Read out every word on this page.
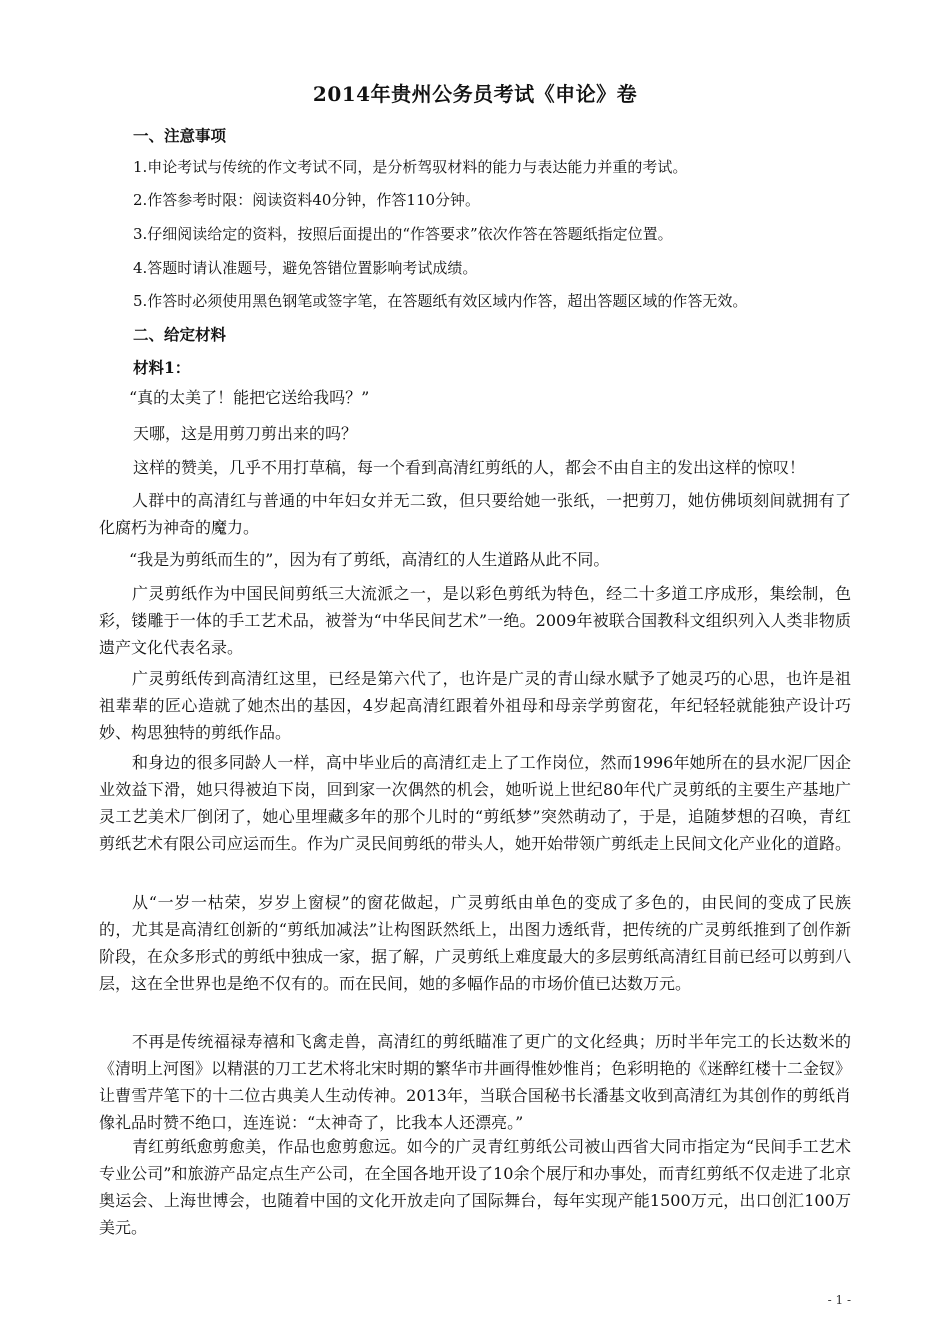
2014年贵州公务员考试《申论》卷
一、注意事项
1.申论考试与传统的作文考试不同，是分析驾驭材料的能力与表达能力并重的考试。
2.作答参考时限：阅读资料40分钟，作答110分钟。
3.仔细阅读给定的资料，按照后面提出的“作答要求”依次作答在答题纸指定位置。
4.答题时请认准题号，避免答错位置影响考试成绩。
5.作答时必须使用黑色钢笔或签字笔，在答题纸有效区域内作答，超出答题区域的作答无效。
二、给定材料
材料1：

“真的太美了！能把它送给我吗？”

天哪，这是用剪刀剪出来的吗？

这样的赞美，几乎不用打草稿，每一个看到高清红剪纸的人，都会不由自主的发出这样的惊叹！

人群中的高清红与普通的中年妇女并无二致，但只要给她一张纸，一把剪刀，她仿佛顷刻间就拥有了化腐朽为神奇的魔力。

“我是为剪纸而生的”，因为有了剪纸，高清红的人生道路从此不同。

广灵剪纸作为中国民间剪纸三大流派之一，是以彩色剪纸为特色，经二十多道工序成形，集绘制，色彩，镂雕于一体的手工艺术品，被誉为“中华民间艺术”一绝。2009年被联合国教科文组织列入人类非物质遗产文化代表名录。

广灵剪纸传到高清红这里，已经是第六代了，也许是广灵的青山绿水赋予了她灵巧的心思，也许是祖祖辈辈的匠心造就了她杰出的基因，4岁起高清红跟着外祖母和母亲学剪窗花，年纪轻轻就能独产设计巧妙、构思独特的剪纸作品。

和身边的很多同龄人一样，高中毕业后的高清红走上了工作岗位，然而1996年她所在的县水泥厂因企业效益下滑，她只得被迫下岗，回到家一次偶然的机会，她听说上世纪80年代广灵剪纸的主要生产基地广灵工艺美术厂倒闭了，她心里埋藏多年的那个儿时的“剪纸梦”突然萌动了，于是，追随梦想的召唤，青红剪纸艺术有限公司应运而生。作为广灵民间剪纸的带头人，她开始带领广剪纸走上民间文化产业化的道路。

从“一岁一枯荣，岁岁上窗棂”的窗花做起，广灵剪纸由单色的变成了多色的，由民间的变成了民族的，尤其是高清红创新的“剪纸加减法”让构图跃然纸上，出图力透纸背，把传统的广灵剪纸推到了创作新阶段，在众多形式的剪纸中独成一家，据了解，广灵剪纸上难度最大的多层剪纸高清红目前已经可以剪到八层，这在全世界也是绝不仅有的。而在民间，她的多幅作品的市场价值已达数万元。

不再是传统福禄寿禧和飞禽走兽，高清红的剪纸瞄准了更广的文化经典；历时半年完工的长达数米的《清明上河图》以精湛的刀工艺术将北宋时期的繁华市井画得惟妙惟肖；色彩明艳的《迷醉红楼十二金钗》让曹雪芹笔下的十二位古典美人生动传神。2013年，当联合国秘书长潘基文收到高清红为其创作的剪纸肖像礼品时赞不绝口，连连说：“太神奇了，比我本人还漂亮。”

青红剪纸愈剪愈美，作品也愈剪愈远。如今的广灵青红剪纸公司被山西省大同市指定为“民间手工艺术专业公司”和旅游产品定点生产公司，在全国各地开设了10余个展厅和办事处，而青红剪纸不仅走进了北京奥运会、上海世博会，也随着中国的文化开放走向了国际舞台，每年实现产能1500万元，出口创汇100万美元。

- 1 -
